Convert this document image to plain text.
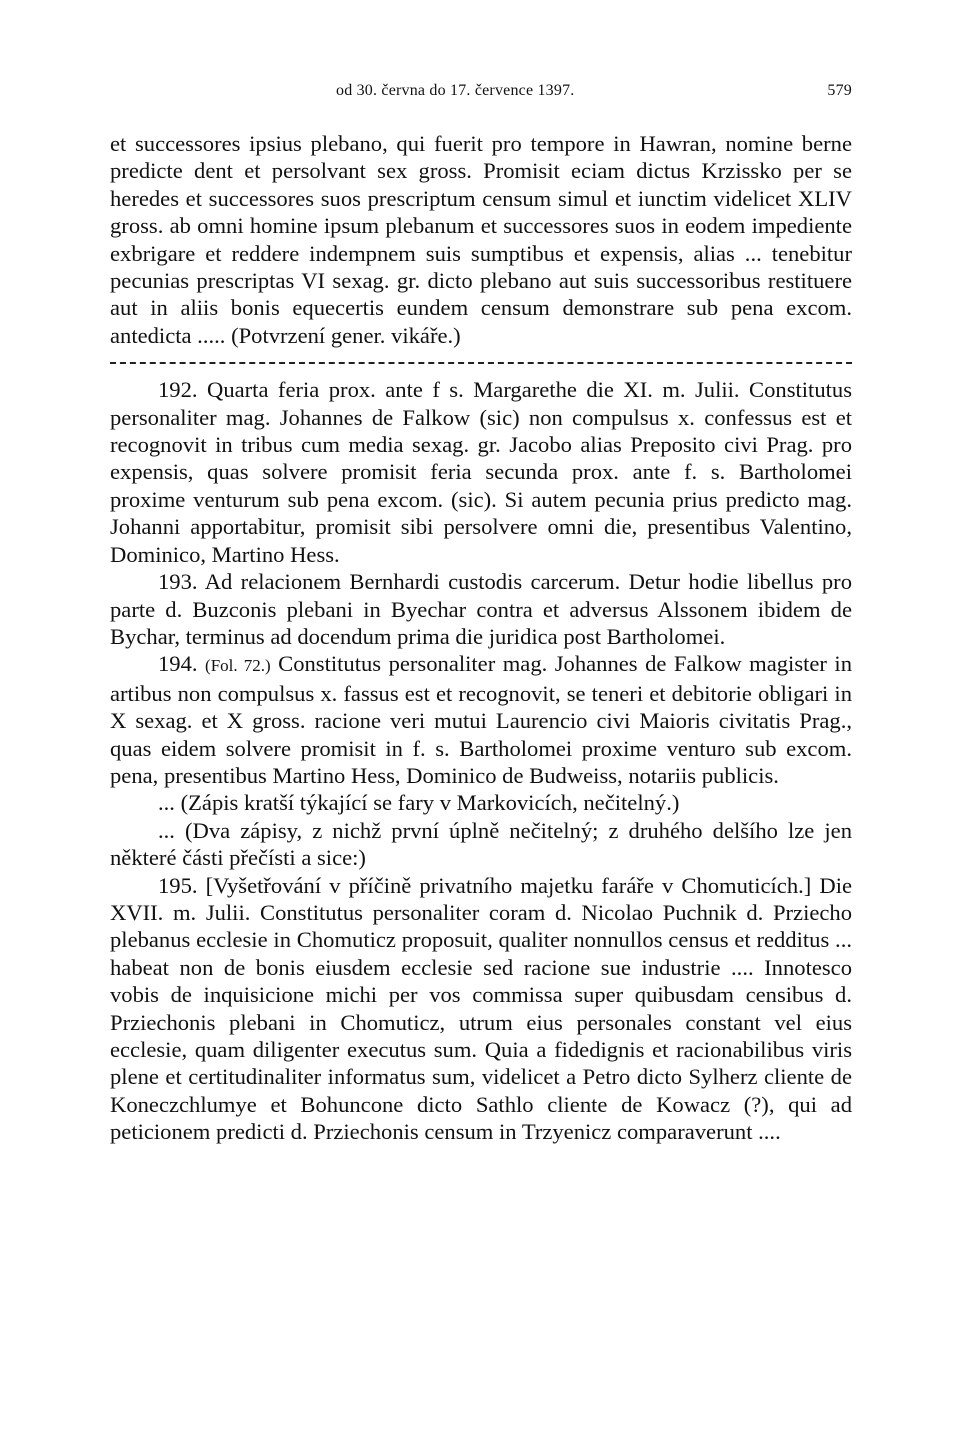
od 30. června do 17. července 1397.	579

et successores ipsius plebano, qui fuerit pro tempore in Hawran, nomine berne predicte dent et persolvant sex gross. Promisit eciam dictus Krzissko per se heredes et successores suos prescriptum censum simul et iunctim videlicet XLIV gross. ab omni homine ipsum plebanum et successores suos in eodem impediente exbrigare et reddere indempnem suis sumptibus et expensis, alias ... tenebitur pecunias prescriptas VI sexag. gr. dicto plebano aut suis successoribus restituere aut in aliis bonis equecertis eundem censum demonstrare sub pena excom. antedicta ..... (Potvrzení gener. vikáře.)

192. Quarta feria prox. ante f s. Margarethe die XI. m. Julii. Constitutus personaliter mag. Johannes de Falkow (sic) non compulsus x. confessus est et recognovit in tribus cum media sexag. gr. Jacobo alias Preposito civi Prag. pro expensis, quas solvere promisit feria secunda prox. ante f. s. Bartholomei proxime venturum sub pena excom. (sic). Si autem pecunia prius predicto mag. Johanni apportabitur, promisit sibi persolvere omni die, presentibus Valentino, Dominico, Martino Hess.

193. Ad relacionem Bernhardi custodis carcerum. Detur hodie libellus pro parte d. Buzconis plebani in Byechar contra et adversus Alssonem ibidem de Bychar, terminus ad docendum prima die juridica post Bartholomei.

194. (Fol. 72.) Constitutus personaliter mag. Johannes de Falkow magister in artibus non compulsus x. fassus est et recognovit, se teneri et debitorie obligari in X sexag. et X gross. racione veri mutui Laurencio civi Maioris civitatis Prag., quas eidem solvere promisit in f. s. Bartholomei proxime venturo sub excom. pena, presentibus Martino Hess, Dominico de Budweiss, notariis publicis.

... (Zápis kratší týkající se fary v Markovicích, nečitelný.)

... (Dva zápisy, z nichž první úplně nečitelný; z druhého delšího lze jen některé části přečísti a sice:)

195. [Vyšetřování v příčině privatního majetku faráře v Chomuticích.] Die XVII. m. Julii. Constitutus personaliter coram d. Nicolao Puchnik d. Prziecho plebanus ecclesie in Chomuticz proposuit, qualiter nonnullos census et redditus ... habeat non de bonis eiusdem ecclesie sed racione sue industrie .... Innotesco vobis de inquisicione michi per vos commissa super quibusdam censibus d. Prziechonis plebani in Chomuticz, utrum eius personales constant vel eius ecclesie, quam diligenter executus sum. Quia a fidedignis et racionabilibus viris plene et certitudinaliter informatus sum, videlicet a Petro dicto Sylherz cliente de Koneczchlumye et Bohuncone dicto Sathlo cliente de Kowacz (?), qui ad peticionem predicti d. Prziechonis censum in Trzyenicz comparaverunt ....
